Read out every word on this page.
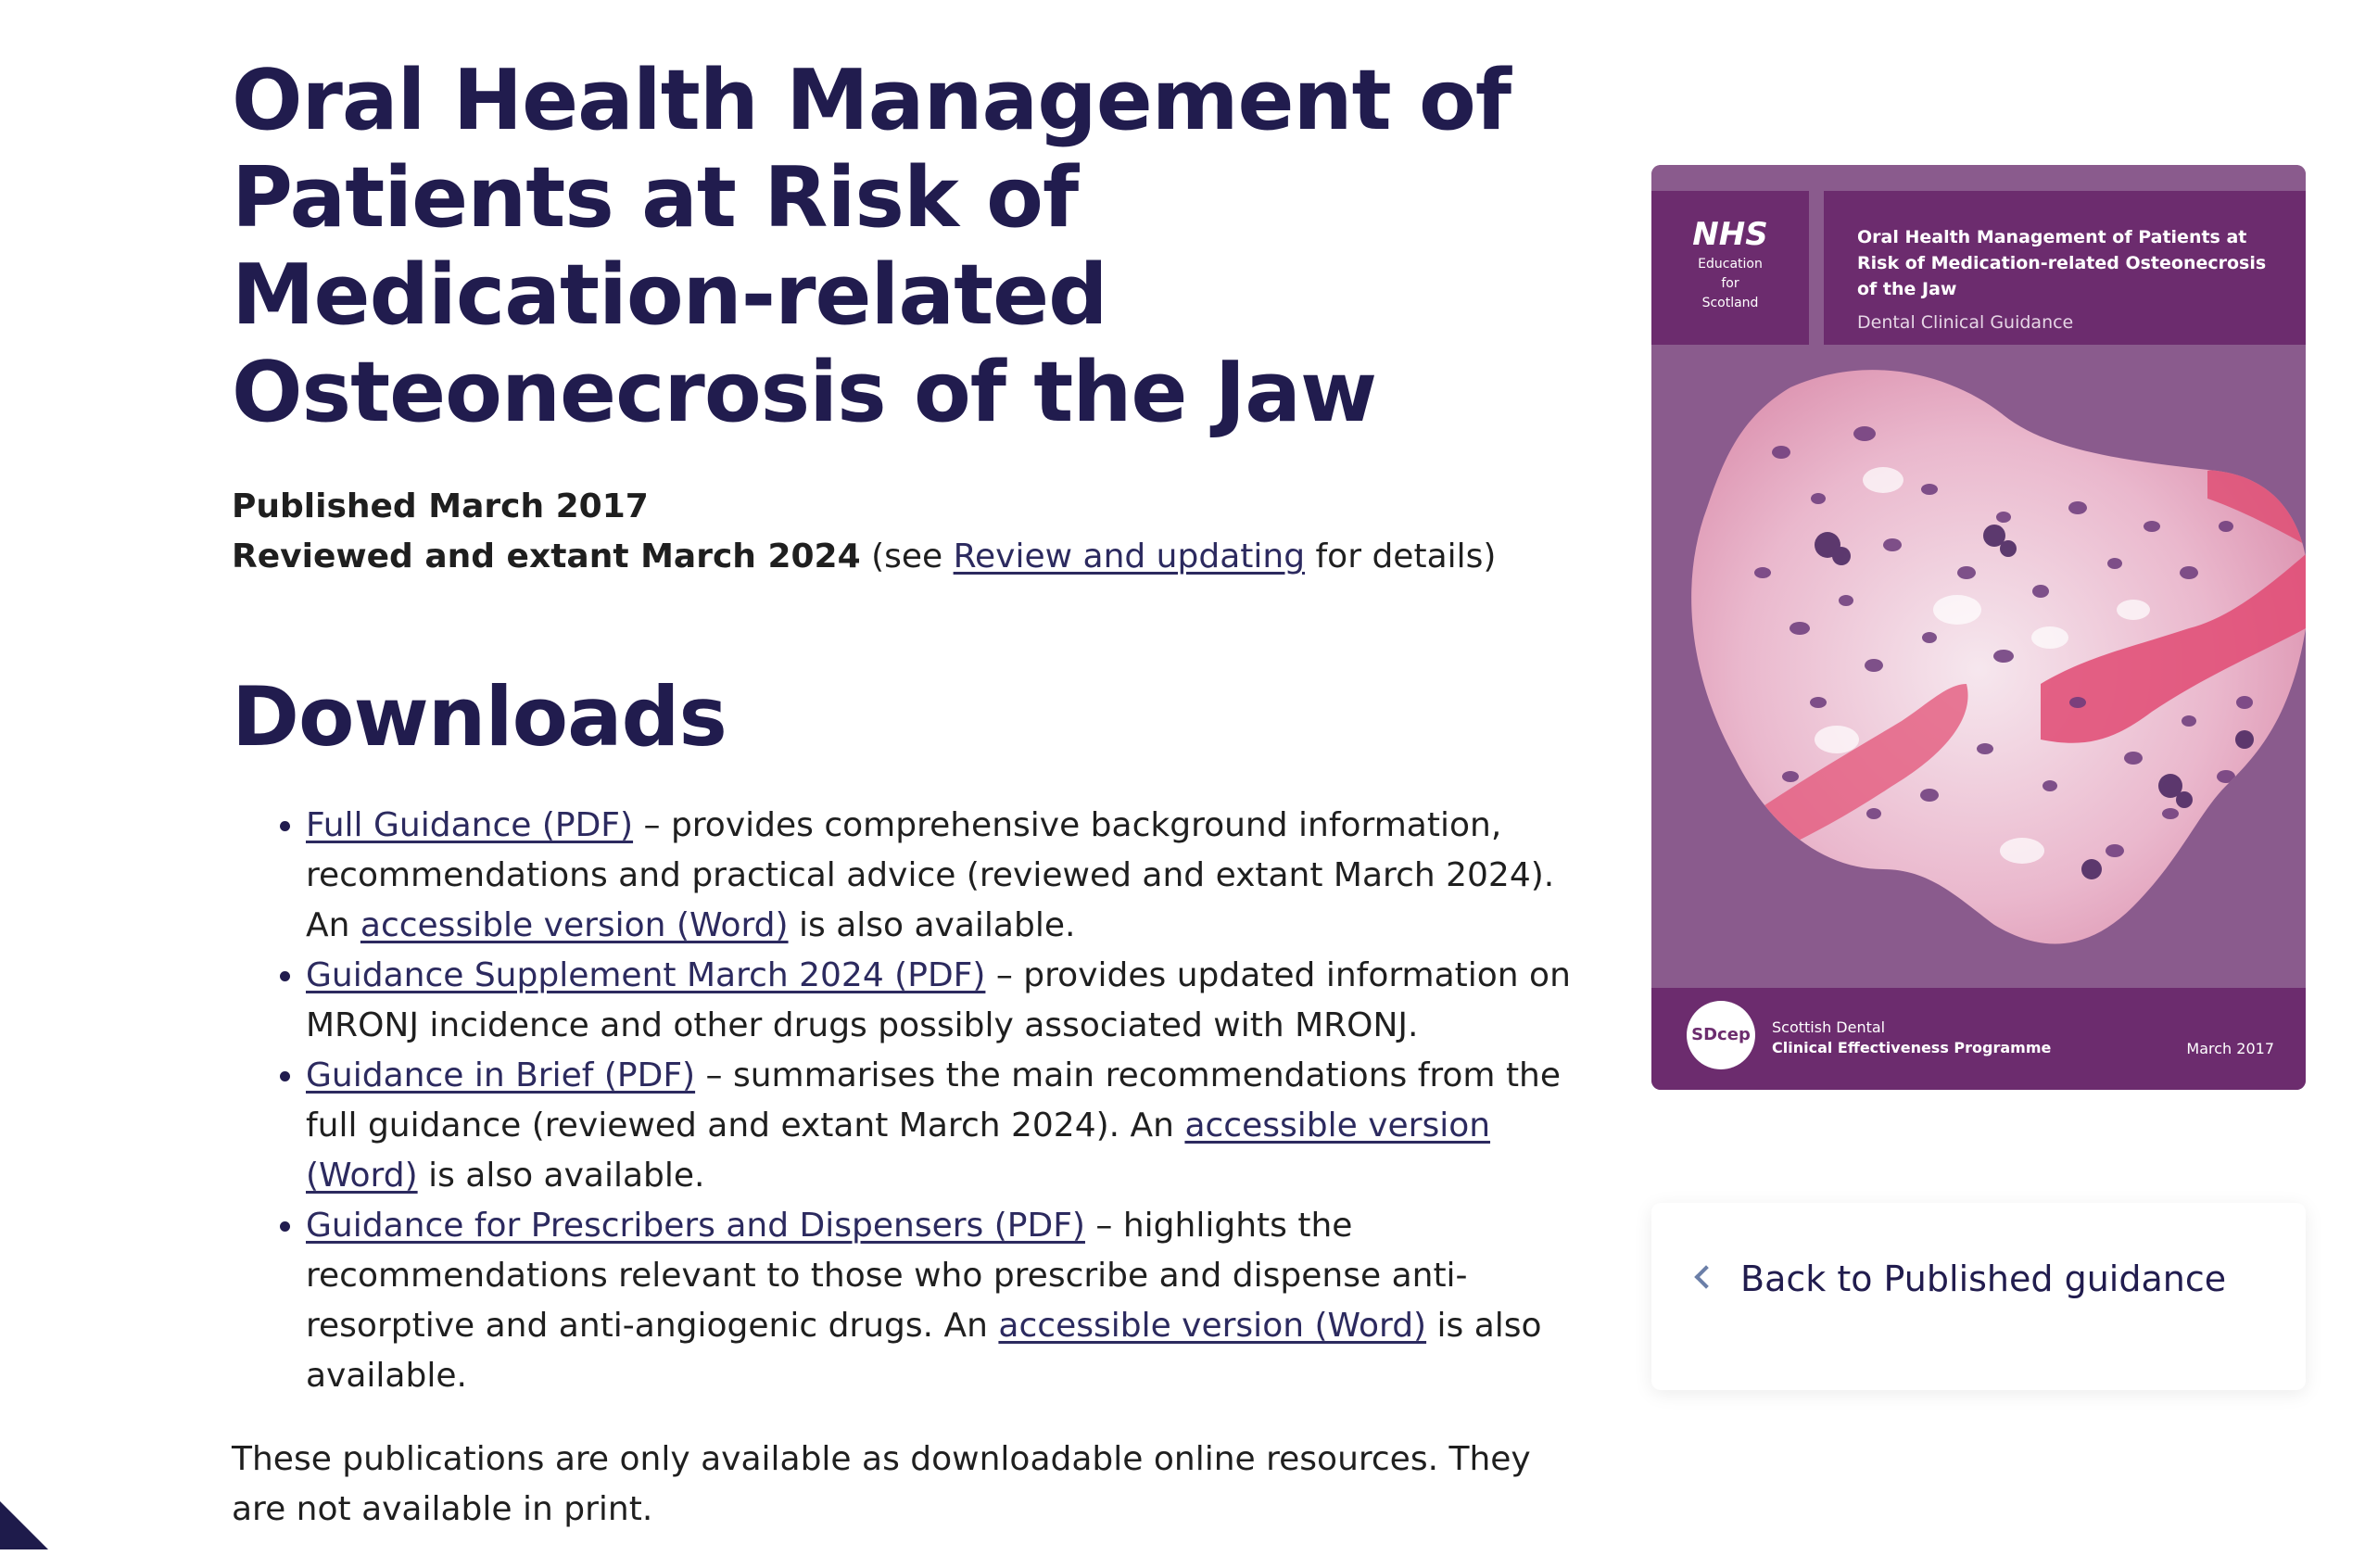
Oral Health Management of Patients at Risk of Medication-related Osteonecrosis of the Jaw
Published March 2017
Reviewed and extant March 2024 (see Review and updating for details)
Downloads
• Full Guidance (PDF) – provides comprehensive background information, recommendations and practical advice (reviewed and extant March 2024). An accessible version (Word) is also available.
• Guidance Supplement March 2024 (PDF) – provides updated information on MRONJ incidence and other drugs possibly associated with MRONJ.
• Guidance in Brief (PDF) – summarises the main recommendations from the full guidance (reviewed and extant March 2024). An accessible version (Word) is also available.
• Guidance for Prescribers and Dispensers (PDF) – highlights the recommendations relevant to those who prescribe and dispense anti-resorptive and anti-angiogenic drugs. An accessible version (Word) is also available.

These publications are only available as downloadable online resources. They are not available in print.

NHS
Education
for
Scotland
Oral Health Management of Patients at Risk of Medication-related Osteonecrosis of the Jaw
Dental Clinical Guidance
SDcep	Scottish Dental
Clinical Effectiveness Programme	March 2017
Back to Published guidance
